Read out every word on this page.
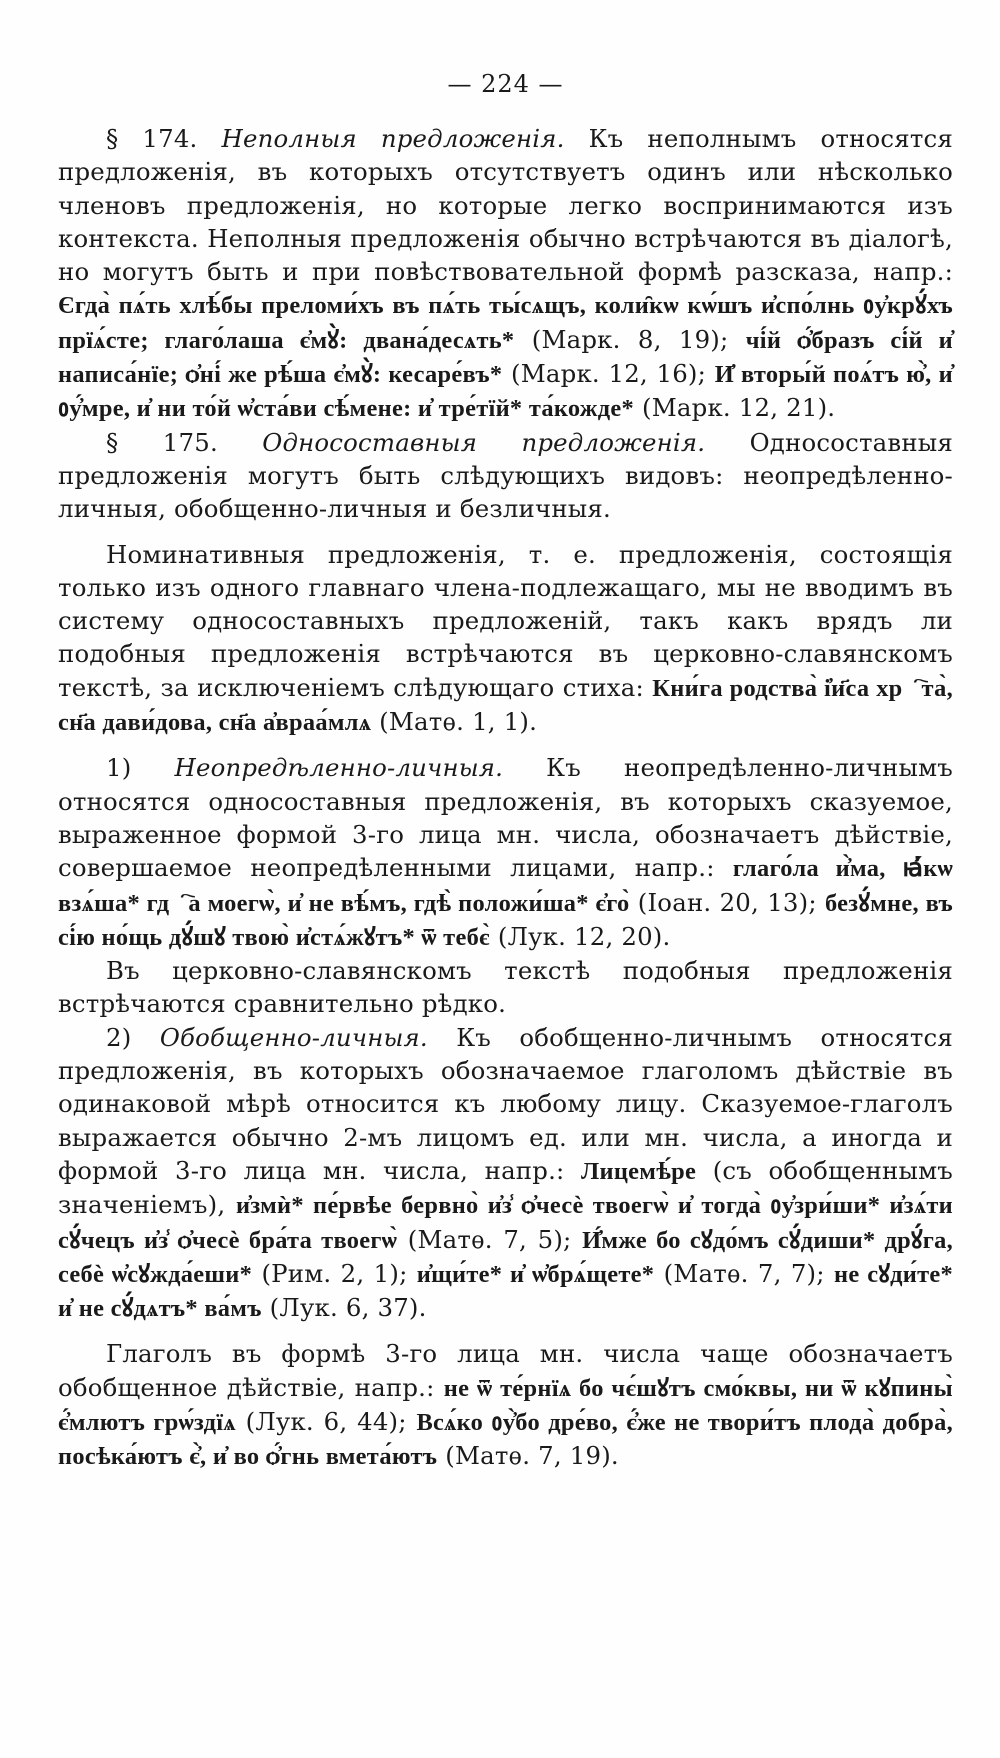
— 224 —

§ 174. Неполныя предложенія. Къ неполнымъ относятся предложенія, въ которыхъ отсутствуетъ одинъ или нѣсколько членовъ предложенія, но которые легко воспринимаются изъ контекста. Неполныя предложенія обычно встрѣчаются въ діалогѣ, но могутъ быть и при повѣствовательной формѣ разсказа, напр.: Єгда̀ пѧ́ть хлѣ́бы преломи́хъ въ пѧ́ть ты́сѧщъ, коли̑кѡ кѡ́шъ и҆спо́лнь ᲂу҆крꙋ́хъ прїѧ́сте; глаго́лаша є҆мꙋ̀: двана́десѧть* (Марк. 8, 19); чі́й ѻ҆́бразъ сі́й и҆ написа́нїе; ѻ҆ні́ же рѣ́ша є҆мꙋ̀: кесаре́въ* (Марк. 12, 16); И҆ вторы́й поѧ́тъ ю҆̀, и҆ ᲂу҆́мре, и҆ ни то́й ѡ҆ста́ви сѣ́мене: и҆ тре́тїй* та́кожде* (Марк. 12, 21).

§ 175. Односоставныя предложенія. Односоставныя предложенія могутъ быть слѣдующихъ видовъ: неопредѣленно-личныя, обобщенно-личныя и безличныя.

Номинативныя предложенія, т. е. предложенія, состоящія только изъ одного главнаго члена-подлежащаго, мы не вводимъ въ систему односоставныхъ предложеній, такъ какъ врядъ ли подобныя предложенія встрѣчаются въ церковно-славянскомъ текстѣ, за исключеніемъ слѣдующаго стиха: Кни́га родства̀ і҆и҃са хрⷭ҇та̀, сн҃а дави́дова, сн҃а а҆враа́млѧ (Матѳ. 1, 1).

1) Неопредѣленно-личныя. Къ неопредѣленно-личнымъ относятся односоставныя предложенія, въ которыхъ сказуемое, выраженное формой 3-го лица мн. числа, обозначаетъ дѣйствіе, совершаемое неопредѣленными лицами, напр.: глаго́ла и҆̀ма, ꙗ҆́кѡ взѧ́ша* гдⷭ҇а моегѡ̀, и҆ не вѣ́мъ, гдѣ̀ положи́ша* є҆го̀ (Іоан. 20, 13); безꙋ́мне, въ сі́ю но́щь дꙋ́шꙋ твою̀ и҆стѧ́жꙋтъ* ѿ тебє̀ (Лук. 12, 20).

Въ церковно-славянскомъ текстѣ подобныя предложенія встрѣчаются сравнительно рѣдко.

2) Обобщенно-личныя. Къ обобщенно-личнымъ относятся предложенія, въ которыхъ обозначаемое глаголомъ дѣйствіе въ одинаковой мѣрѣ относится къ любому лицу. Сказуемое-глаголъ выражается обычно 2-мъ лицомъ ед. или мн. числа, а иногда и формой 3-го лица мн. числа, напр.: Лицемѣ́ре (съ обобщеннымъ значеніемъ), и҆змѝ* пе́рвѣе бервно̀ и҆з̾ ѻ҆чесѐ твоегѡ̀ и҆ тогда̀ ᲂу҆зри́ши* и҆зѧ́ти сꙋ́чецъ и҆з̾ ѻ҆чесѐ бра́та твоегѡ̀ (Матѳ. 7, 5); И҆́мже бо сꙋдо́мъ сꙋ́диши* дрꙋ́га, себѐ ѡ҆сꙋжда́еши* (Рим. 2, 1); и҆щи́те* и҆ ѡ҆брѧ́щете* (Матѳ. 7, 7); не сꙋди́те* и҆ не сꙋ́дѧтъ* ва́мъ (Лук. 6, 37).

Глаголъ въ формѣ 3-го лица мн. числа чаще обозначаетъ обобщенное дѣйствіе, напр.: не ѿ те́рнїѧ бо чє́шꙋтъ смо́квы, ни ѿ кꙋпины̀ є҆́млютъ грѡ́здїѧ (Лук. 6, 44); Всѧ́ко ᲂу҆̀бо дре́во, є҆́же не твори́тъ плода̀ добра̀, посѣка́ютъ є҆̀, и҆ во ѻ҆́гнь вмета́ютъ (Матѳ. 7, 19).
